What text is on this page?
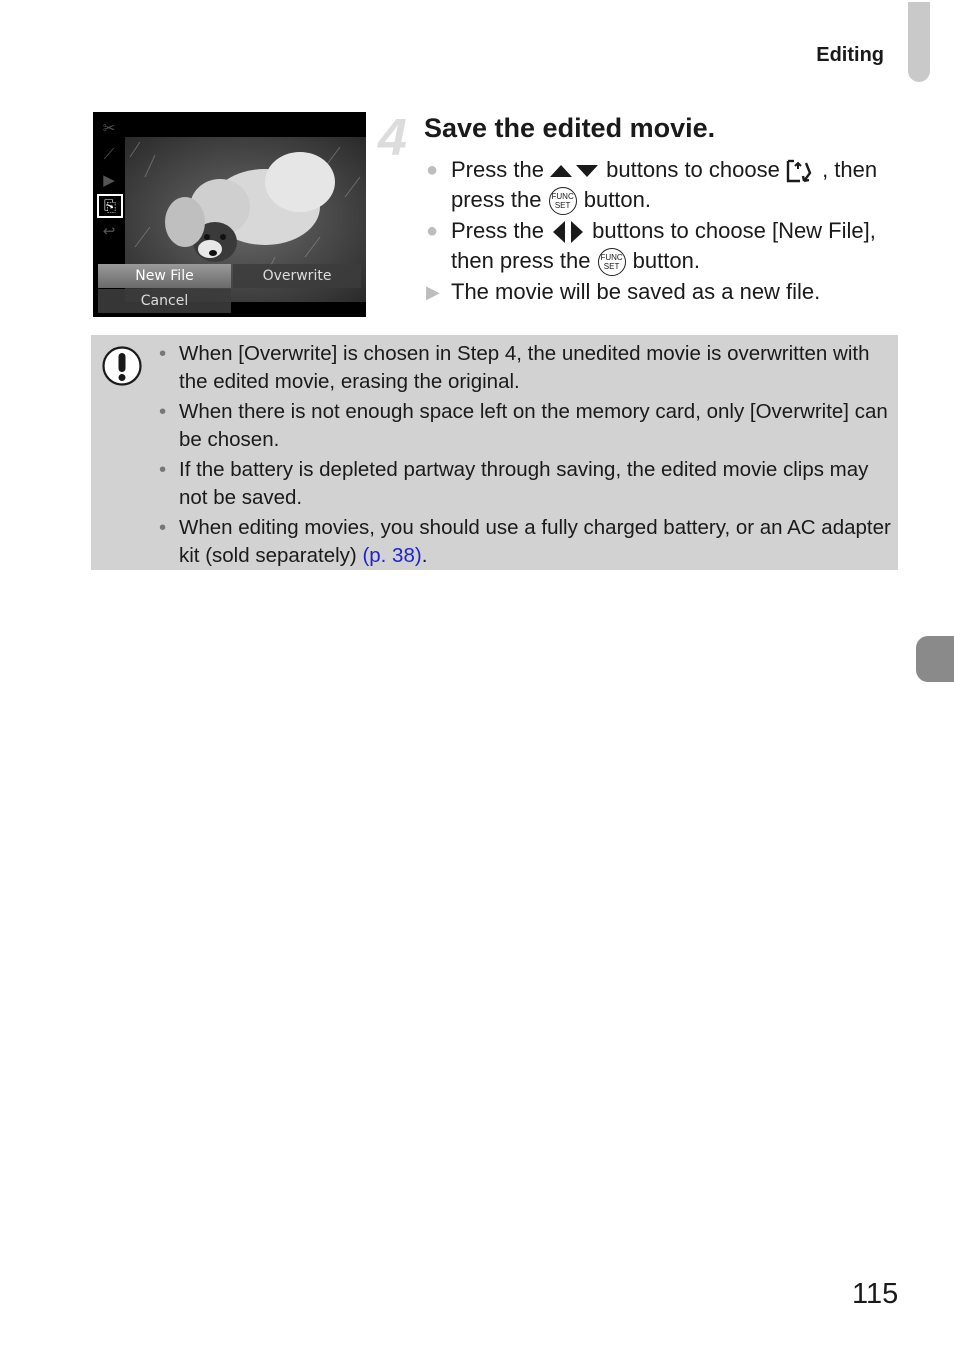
Editing
✂
⟋
▶
⎘
↩
New File	Overwrite
Cancel
4 Save the edited movie.
● Press the  buttons to choose  , then press the FUNC
SET button.
● Press the  buttons to choose [New File], then press the FUNC
SET button.
▶ The movie will be saved as a new file.
• When [Overwrite] is chosen in Step 4, the unedited movie is overwritten with the edited movie, erasing the original.
• When there is not enough space left on the memory card, only [Overwrite] can be chosen.
• If the battery is depleted partway through saving, the edited movie clips may not be saved.
• When editing movies, you should use a fully charged battery, or an AC adapter kit (sold separately) (p. 38).
115
